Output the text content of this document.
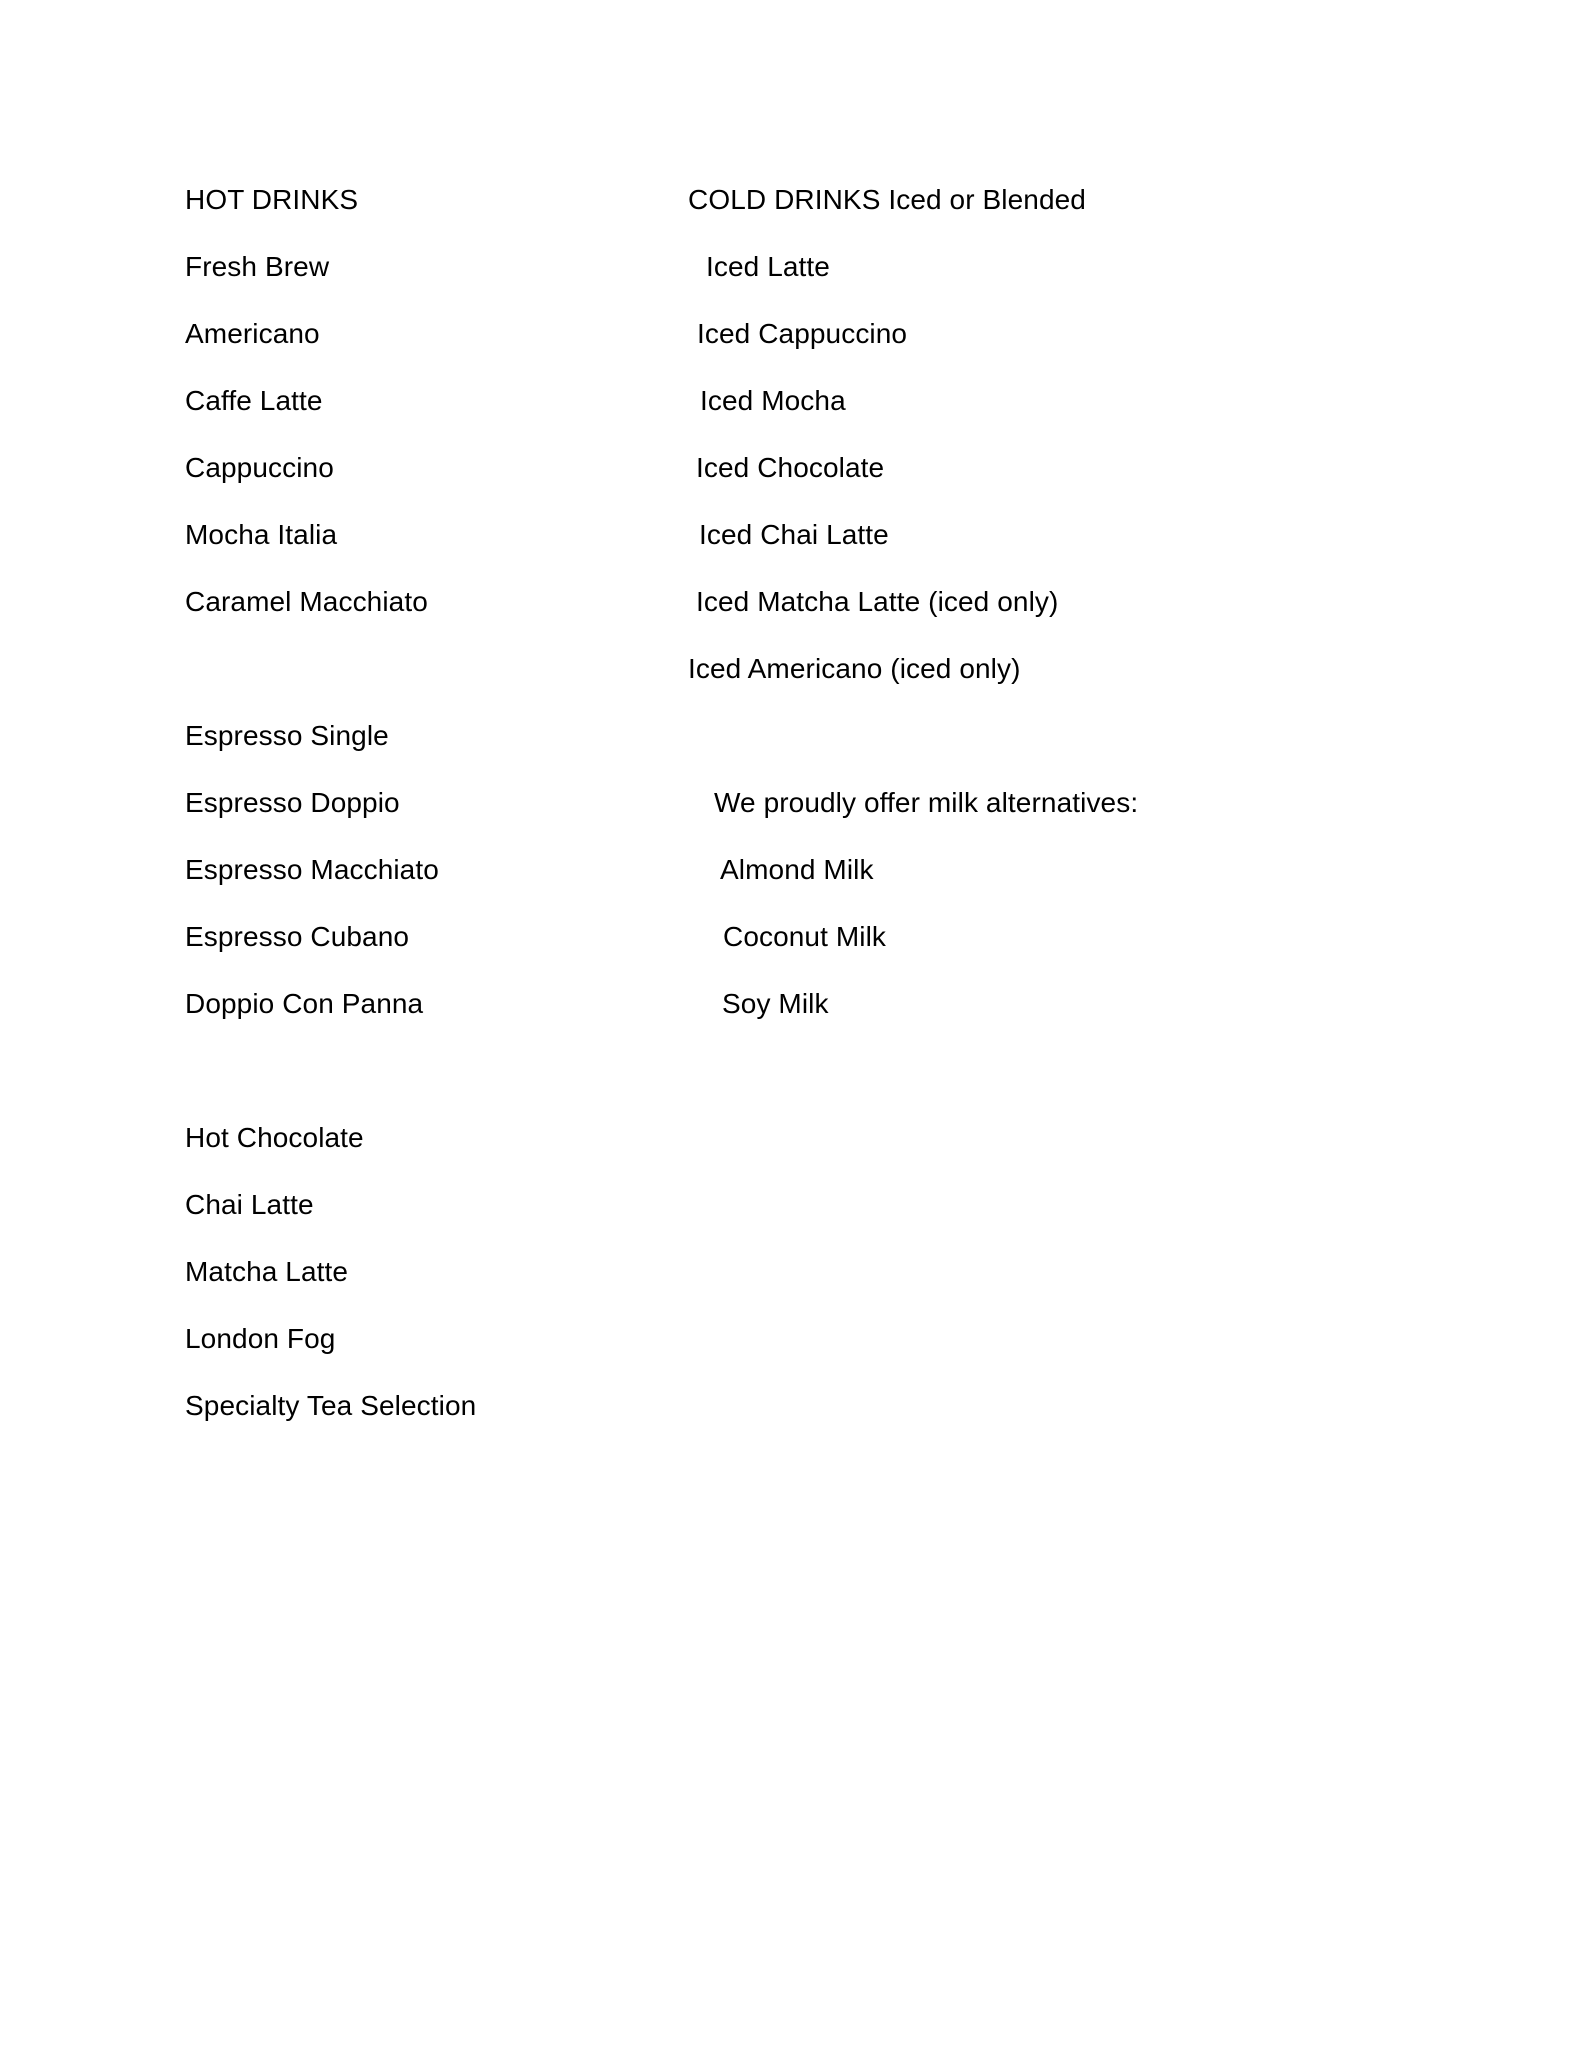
HOT DRINKS

Fresh Brew

Americano

Caffe Latte

Cappuccino

Mocha Italia

Caramel Macchiato

Espresso Single

Espresso Doppio

Espresso Macchiato

Espresso Cubano

Doppio Con Panna

Hot Chocolate

Chai Latte

Matcha Latte

London Fog

Specialty Tea Selection

COLD DRINKS Iced or Blended

Iced Latte

Iced Cappuccino

Iced Mocha

Iced Chocolate

Iced Chai Latte

Iced Matcha Latte (iced only)

Iced Americano (iced only)

We proudly offer milk alternatives:

Almond Milk

Coconut Milk

Soy Milk
